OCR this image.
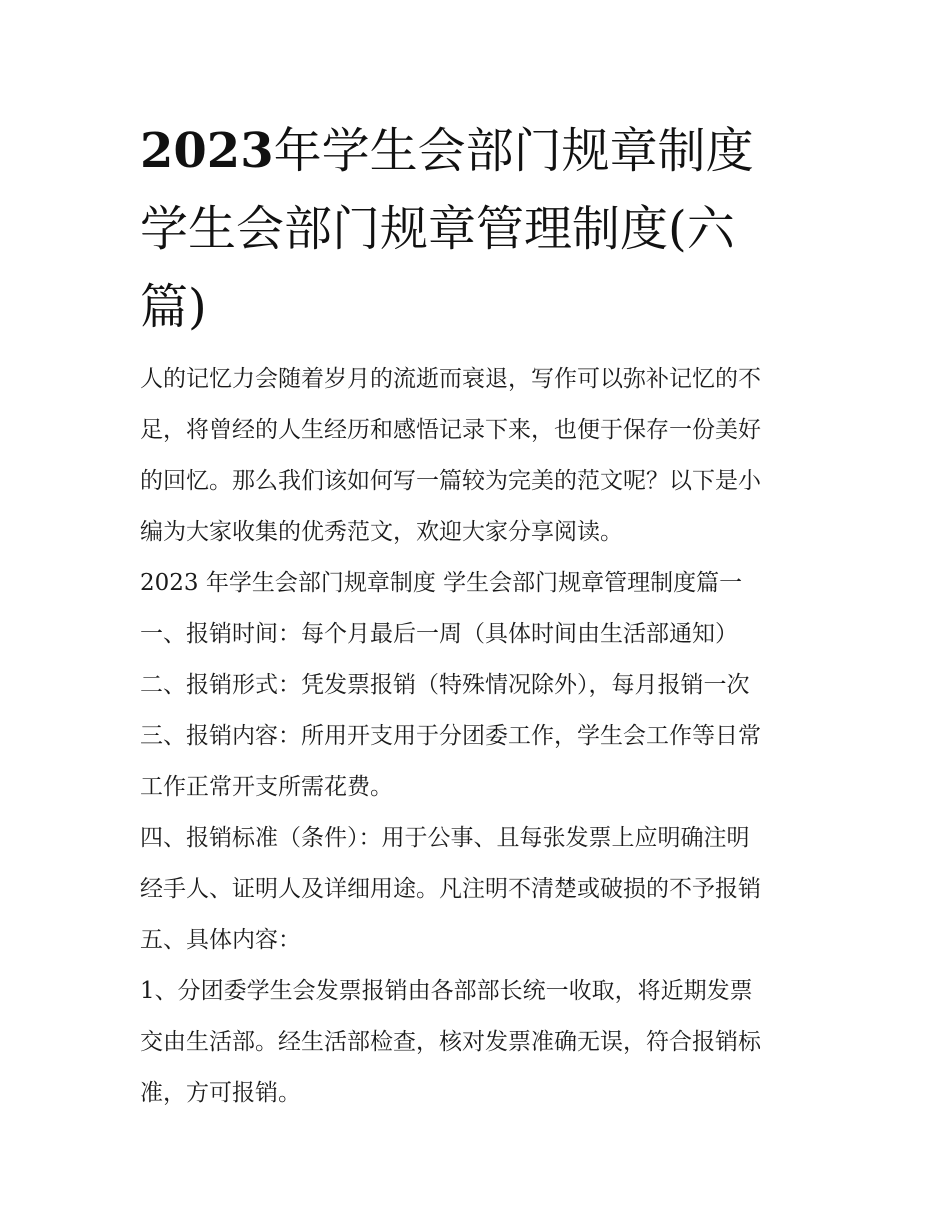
2023年学生会部门规章制度
学生会部门规章管理制度(六
篇)

人的记忆力会随着岁月的流逝而衰退，写作可以弥补记忆的不

足，将曾经的人生经历和感悟记录下来，也便于保存一份美好

的回忆。那么我们该如何写一篇较为完美的范文呢？以下是小

编为大家收集的优秀范文，欢迎大家分享阅读。

2023 年学生会部门规章制度 学生会部门规章管理制度篇一

一、报销时间：每个月最后一周（具体时间由生活部通知）

二、报销形式：凭发票报销（特殊情况除外），每月报销一次

三、报销内容：所用开支用于分团委工作，学生会工作等日常

工作正常开支所需花费。

四、报销标准（条件）：用于公事、且每张发票上应明确注明

经手人、证明人及详细用途。凡注明不清楚或破损的不予报销

五、具体内容：

1、分团委学生会发票报销由各部部长统一收取，将近期发票

交由生活部。经生活部检查，核对发票准确无误，符合报销标

准，方可报销。
